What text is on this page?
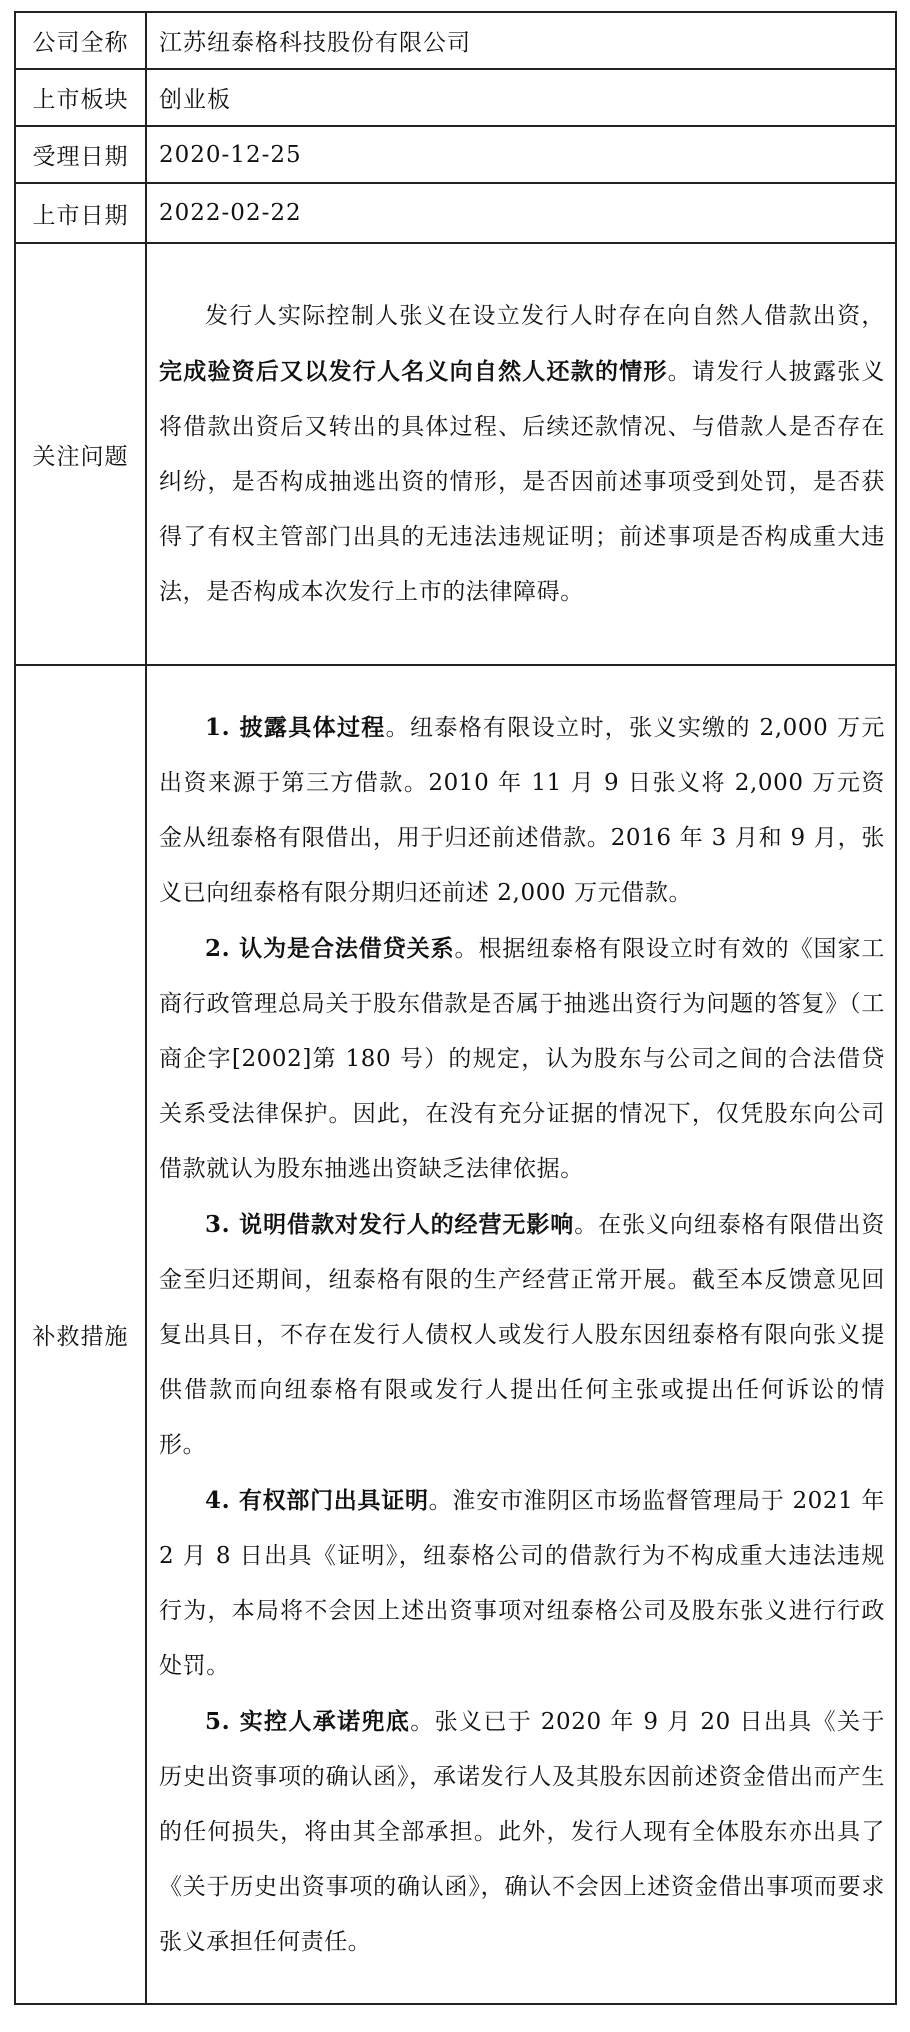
公司全称	江苏纽泰格科技股份有限公司
上市板块	创业板
受理日期	2020-12-25
上市日期	2022-02-22
关注问题	发行人实际控制人张义在设立发行人时存在向自然人借款出资，完成验资后又以发行人名义向自然人还款的情形。请发行人披露张义将借款出资后又转出的具体过程、后续还款情况、与借款人是否存在纠纷，是否构成抽逃出资的情形，是否因前述事项受到处罚，是否获得了有权主管部门出具的无违法违规证明；前述事项是否构成重大违法，是否构成本次发行上市的法律障碍。

补救措施	1. 披露具体过程。纽泰格有限设立时，张义实缴的 2,000 万元出资来源于第三方借款。2010 年 11 月 9 日张义将 2,000 万元资金从纽泰格有限借出，用于归还前述借款。2016 年 3 月和 9 月，张义已向纽泰格有限分期归还前述 2,000 万元借款。

2. 认为是合法借贷关系。根据纽泰格有限设立时有效的《国家工商行政管理总局关于股东借款是否属于抽逃出资行为问题的答复》（工商企字[2002]第 180 号）的规定，认为股东与公司之间的合法借贷关系受法律保护。因此，在没有充分证据的情况下，仅凭股东向公司借款就认为股东抽逃出资缺乏法律依据。

3. 说明借款对发行人的经营无影响。在张义向纽泰格有限借出资金至归还期间，纽泰格有限的生产经营正常开展。截至本反馈意见回复出具日，不存在发行人债权人或发行人股东因纽泰格有限向张义提供借款而向纽泰格有限或发行人提出任何主张或提出任何诉讼的情形。

4. 有权部门出具证明。淮安市淮阴区市场监督管理局于 2021 年 2 月 8 日出具《证明》，纽泰格公司的借款行为不构成重大违法违规行为，本局将不会因上述出资事项对纽泰格公司及股东张义进行行政处罚。

5. 实控人承诺兜底。张义已于 2020 年 9 月 20 日出具《关于历史出资事项的确认函》，承诺发行人及其股东因前述资金借出而产生的任何损失，将由其全部承担。此外，发行人现有全体股东亦出具了《关于历史出资事项的确认函》，确认不会因上述资金借出事项而要求张义承担任何责任。
